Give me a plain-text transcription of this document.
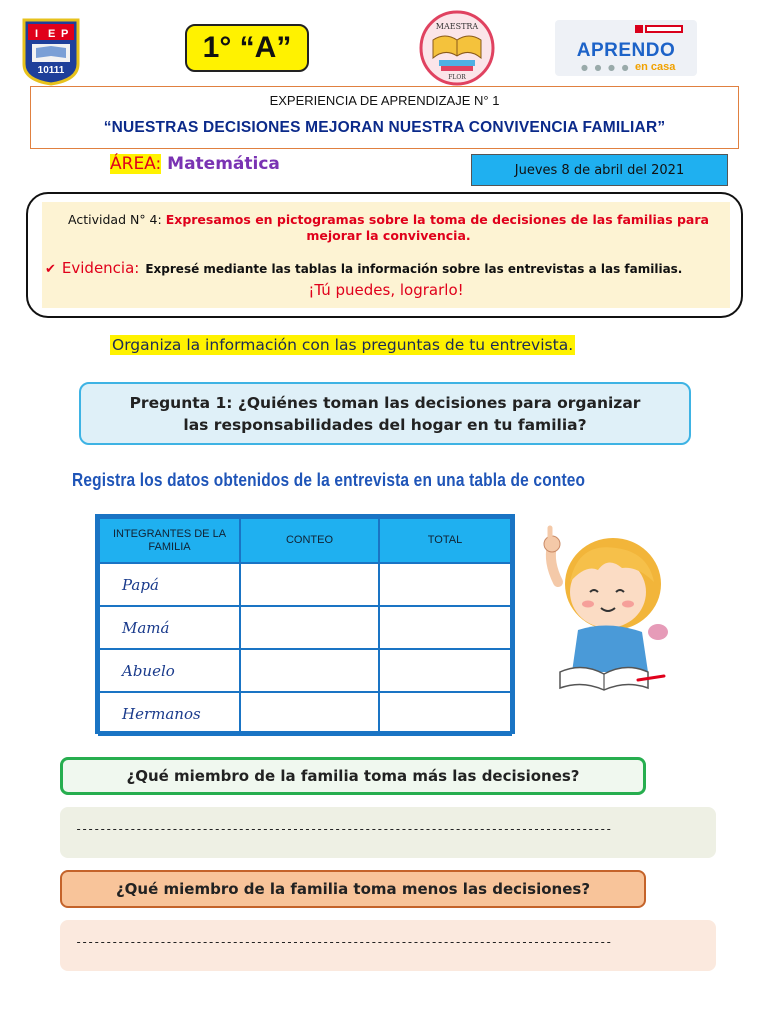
I E P
10111
1° “A”
MAESTRA
FLOR
APRENDO
● ● ● ● en casa
EXPERIENCIA DE APRENDIZAJE N° 1
“NUESTRAS DECISIONES MEJORAN NUESTRA CONVIVENCIA FAMILIAR”
ÁREA: Matemática	Jueves 8 de abril del 2021
Actividad N° 4: Expresamos en pictogramas sobre la toma de decisiones de las familias para mejorar la convivencia.
✔ Evidencia: Expresé mediante las tablas la información sobre las entrevistas a las familias.
¡Tú puedes, lograrlo!
Organiza la información con las preguntas de tu entrevista.
Pregunta 1: ¿Quiénes toman las decisiones para organizar las responsabilidades del hogar en tu familia?
Registra los datos obtenidos de la entrevista en una tabla de conteo
INTEGRANTES DE LA FAMILIA	CONTEO	TOTAL
Papá		
Mamá		
Abuelo		
Hermanos		
¿Qué miembro de la familia toma más las decisiones?
-----------------------------------------------------------------------------------------
¿Qué miembro de la familia toma menos las decisiones?
-----------------------------------------------------------------------------------------
